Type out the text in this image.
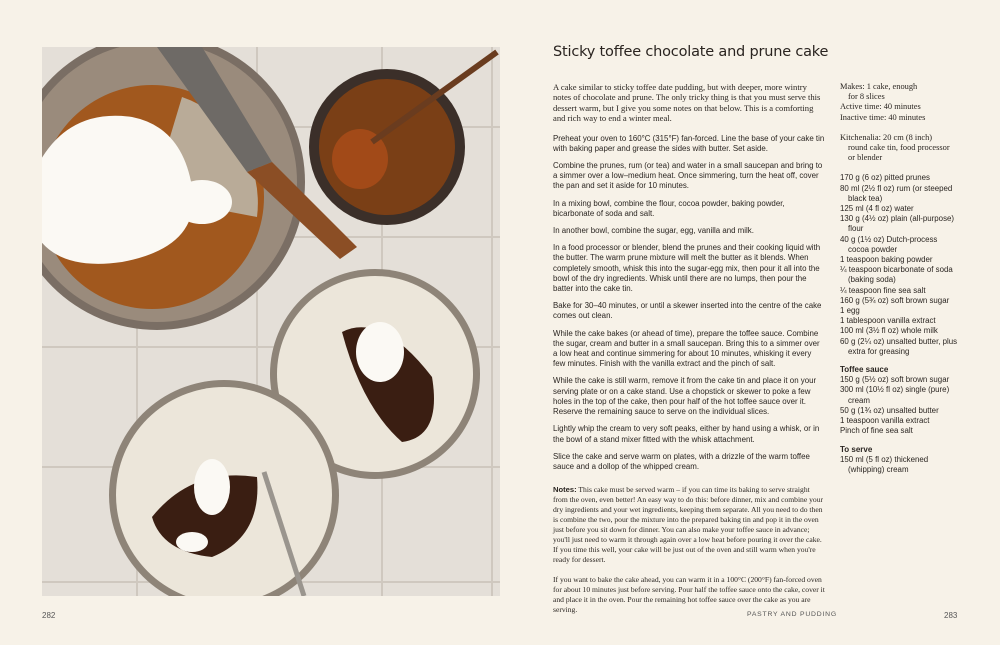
Sticky toffee chocolate and prune cake

A cake similar to sticky toffee date pudding, but with deeper, more wintry notes of chocolate and prune. The only tricky thing is that you must serve this dessert warm, but I give you some notes on that below. This is a comforting and rich way to end a winter meal.

Preheat your oven to 160°C (315°F) fan-forced. Line the base of your cake tin with baking paper and grease the sides with butter. Set aside.

Combine the prunes, rum (or tea) and water in a small saucepan and bring to a simmer over a low–medium heat. Once simmering, turn the heat off, cover the pan and set it aside for 10 minutes.

In a mixing bowl, combine the flour, cocoa powder, baking powder, bicarbonate of soda and salt.

In another bowl, combine the sugar, egg, vanilla and milk.

In a food processor or blender, blend the prunes and their cooking liquid with the butter. The warm prune mixture will melt the butter as it blends. When completely smooth, whisk this into the sugar-egg mix, then pour it all into the bowl of the dry ingredients. Whisk until there are no lumps, then pour the batter into the cake tin.

Bake for 30–40 minutes, or until a skewer inserted into the centre of the cake comes out clean.

While the cake bakes (or ahead of time), prepare the toffee sauce. Combine the sugar, cream and butter in a small saucepan. Bring this to a simmer over a low heat and continue simmering for about 10 minutes, whisking it every few minutes. Finish with the vanilla extract and the pinch of salt.

While the cake is still warm, remove it from the cake tin and place it on your serving plate or on a cake stand. Use a chopstick or skewer to poke a few holes in the top of the cake, then pour half of the hot toffee sauce over it. Reserve the remaining sauce to serve on the individual slices.

Lightly whip the cream to very soft peaks, either by hand using a whisk, or in the bowl of a stand mixer fitted with the whisk attachment.

Slice the cake and serve warm on plates, with a drizzle of the warm toffee sauce and a dollop of the whipped cream.

Notes: This cake must be served warm – if you can time its baking to serve straight from the oven, even better! An easy way to do this: before dinner, mix and combine your dry ingredients and your wet ingredients, keeping them separate. All you need to do then is combine the two, pour the mixture into the prepared baking tin and pop it in the oven just before you sit down for dinner. You can also make your toffee sauce in advance; you'll just need to warm it through again over a low heat before pouring it over the cake. If you time this well, your cake will be just out of the oven and still warm when you're ready for dessert.

If you want to bake the cake ahead, you can warm it in a 100°C (200°F) fan-forced oven for about 10 minutes just before serving. Pour half the toffee sauce onto the cake, cover it and place it in the oven. Pour the remaining hot toffee sauce over the cake as you are serving.

Makes: 1 cake, enough
for 8 slices
Active time: 40 minutes
Inactive time: 40 minutes
Kitchenalia: 20 cm (8 inch)
round cake tin, food processor
or blender
170 g (6 oz) pitted prunes
80 ml (2½ fl oz) rum (or steeped black tea)
125 ml (4 fl oz) water
130 g (4½ oz) plain (all-purpose) flour
40 g (1½ oz) Dutch-process cocoa powder
1 teaspoon baking powder
¼ teaspoon bicarbonate of soda (baking soda)
¼ teaspoon fine sea salt
160 g (5¾ oz) soft brown sugar
1 egg
1 tablespoon vanilla extract
100 ml (3½ fl oz) whole milk
60 g (2¼ oz) unsalted butter, plus extra for greasing
Toffee sauce
150 g (5½ oz) soft brown sugar
300 ml (10½ fl oz) single (pure) cream
50 g (1¾ oz) unsalted butter
1 teaspoon vanilla extract
Pinch of fine sea salt
To serve
150 ml (5 fl oz) thickened (whipping) cream
282	PASTRY AND PUDDING	283
